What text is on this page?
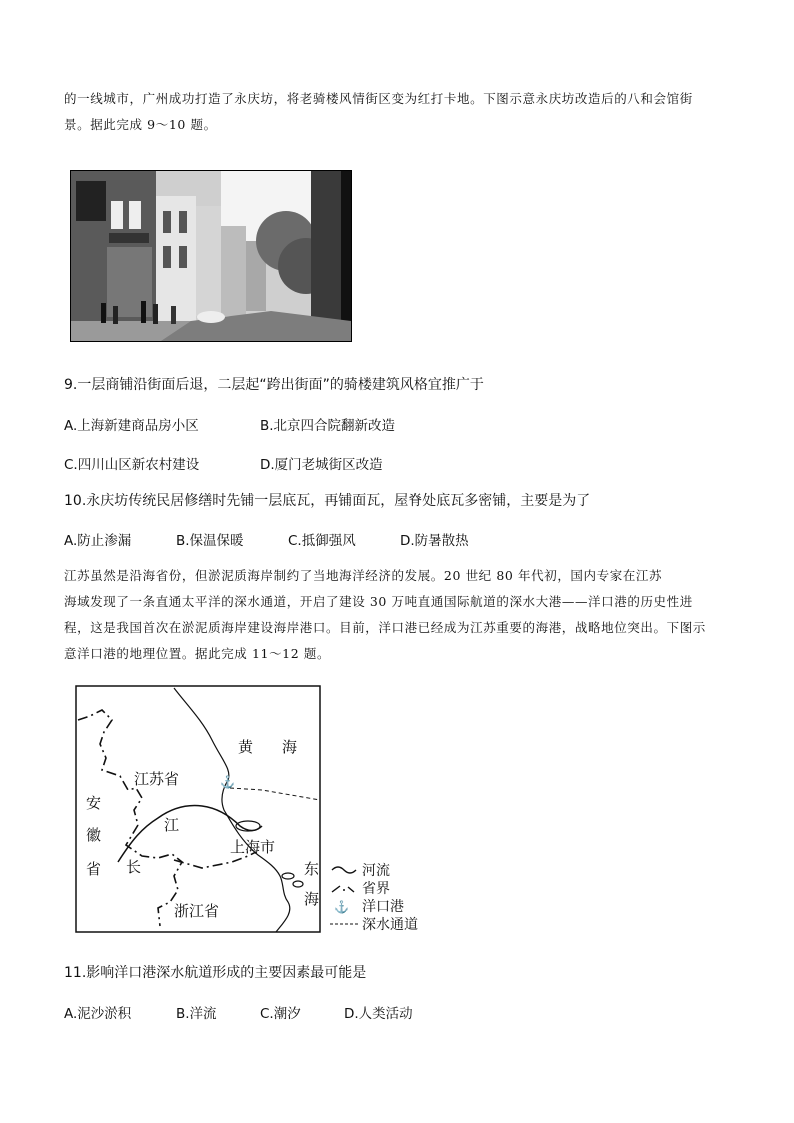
的一线城市，广州成功打造了永庆坊，将老骑楼风情街区变为红打卡地。下图示意永庆坊改造后的八和会馆街
景。据此完成 9～10 题。
9.一层商铺沿街面后退，二层起“跨出街面”的骑楼建筑风格宜推广于
A.上海新建商品房小区	B.北京四合院翻新改造
C.四川山区新农村建设	D.厦门老城街区改造
10.永庆坊传统民居修缮时先铺一层底瓦，再铺面瓦，屋脊处底瓦多密铺，主要是为了
A.防止渗漏	B.保温保暖	C.抵御强风	D.防暑散热
江苏虽然是沿海省份，但淤泥质海岸制约了当地海洋经济的发展。20 世纪 80 年代初，国内专家在江苏
海域发现了一条直通太平洋的深水通道，开启了建设 30 万吨直通国际航道的深水大港——洋口港的历史性进
程，这是我国首次在淤泥质海岸建设海岸港口。目前，洋口港已经成为江苏重要的海港，战略地位突出。下图示
意洋口港的地理位置。据此完成 11～12 题。
⚓
黄 海
江苏省
安
徽
省
江
长
上海市
浙江省
东
海
河流
省界
⚓ 洋口港
深水通道
11.影响洋口港深水航道形成的主要因素最可能是
A.泥沙淤积	B.洋流	C.潮汐	D.人类活动
